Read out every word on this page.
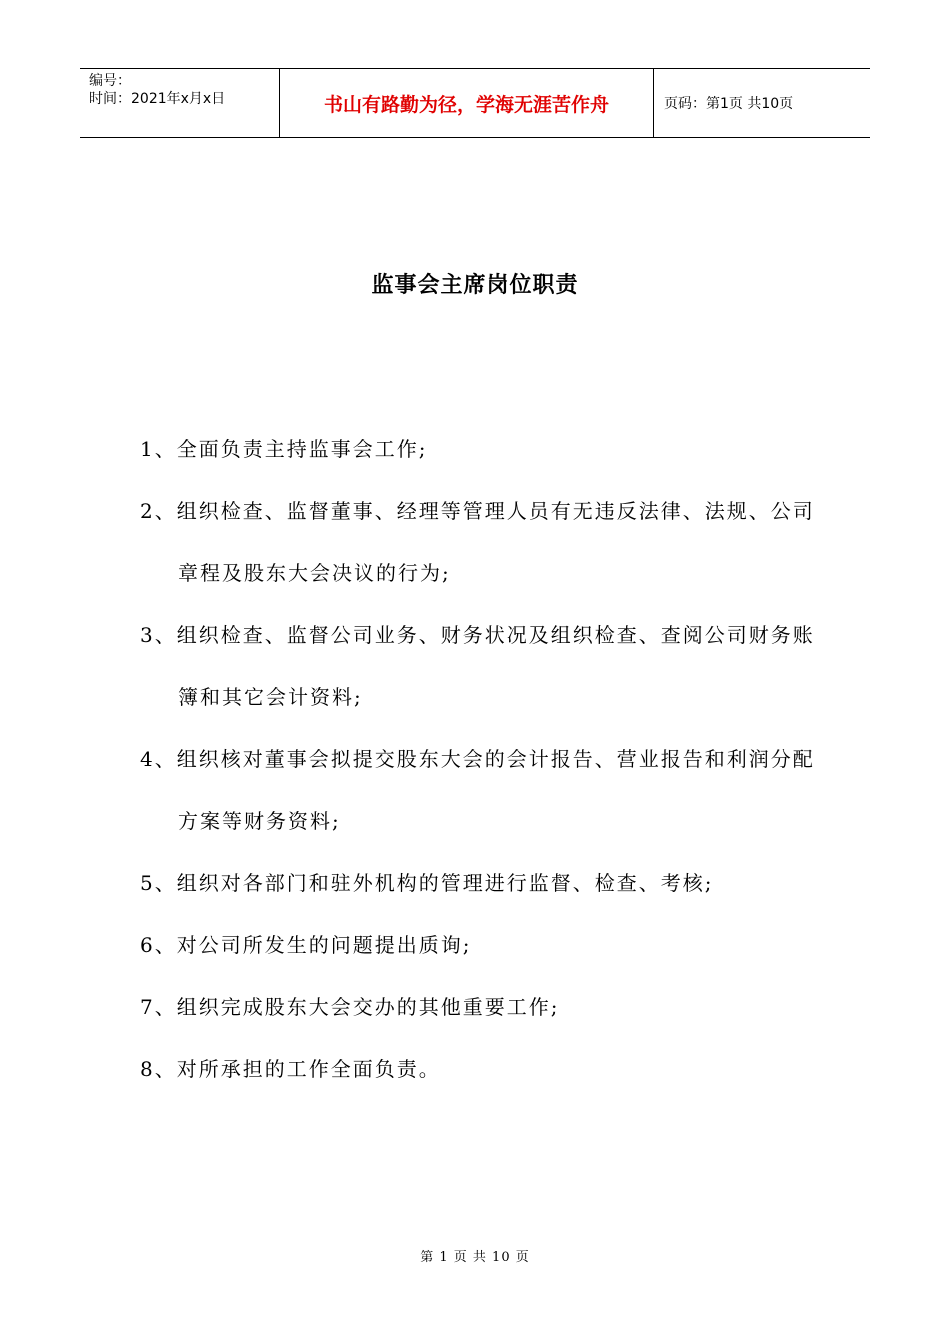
编号：
时间：2021年x月x日	书山有路勤为径，学海无涯苦作舟	页码：第1页 共10页
监事会主席岗位职责
1、全面负责主持监事会工作;
2、组织检查、监督董事、经理等管理人员有无违反法律、法规、公司章程及股东大会决议的行为;
3、组织检查、监督公司业务、财务状况及组织检查、查阅公司财务账簿和其它会计资料;
4、组织核对董事会拟提交股东大会的会计报告、营业报告和利润分配方案等财务资料;
5、组织对各部门和驻外机构的管理进行监督、检查、考核;
6、对公司所发生的问题提出质询;
7、组织完成股东大会交办的其他重要工作;
8、对所承担的工作全面负责。
第 1 页 共 10 页
